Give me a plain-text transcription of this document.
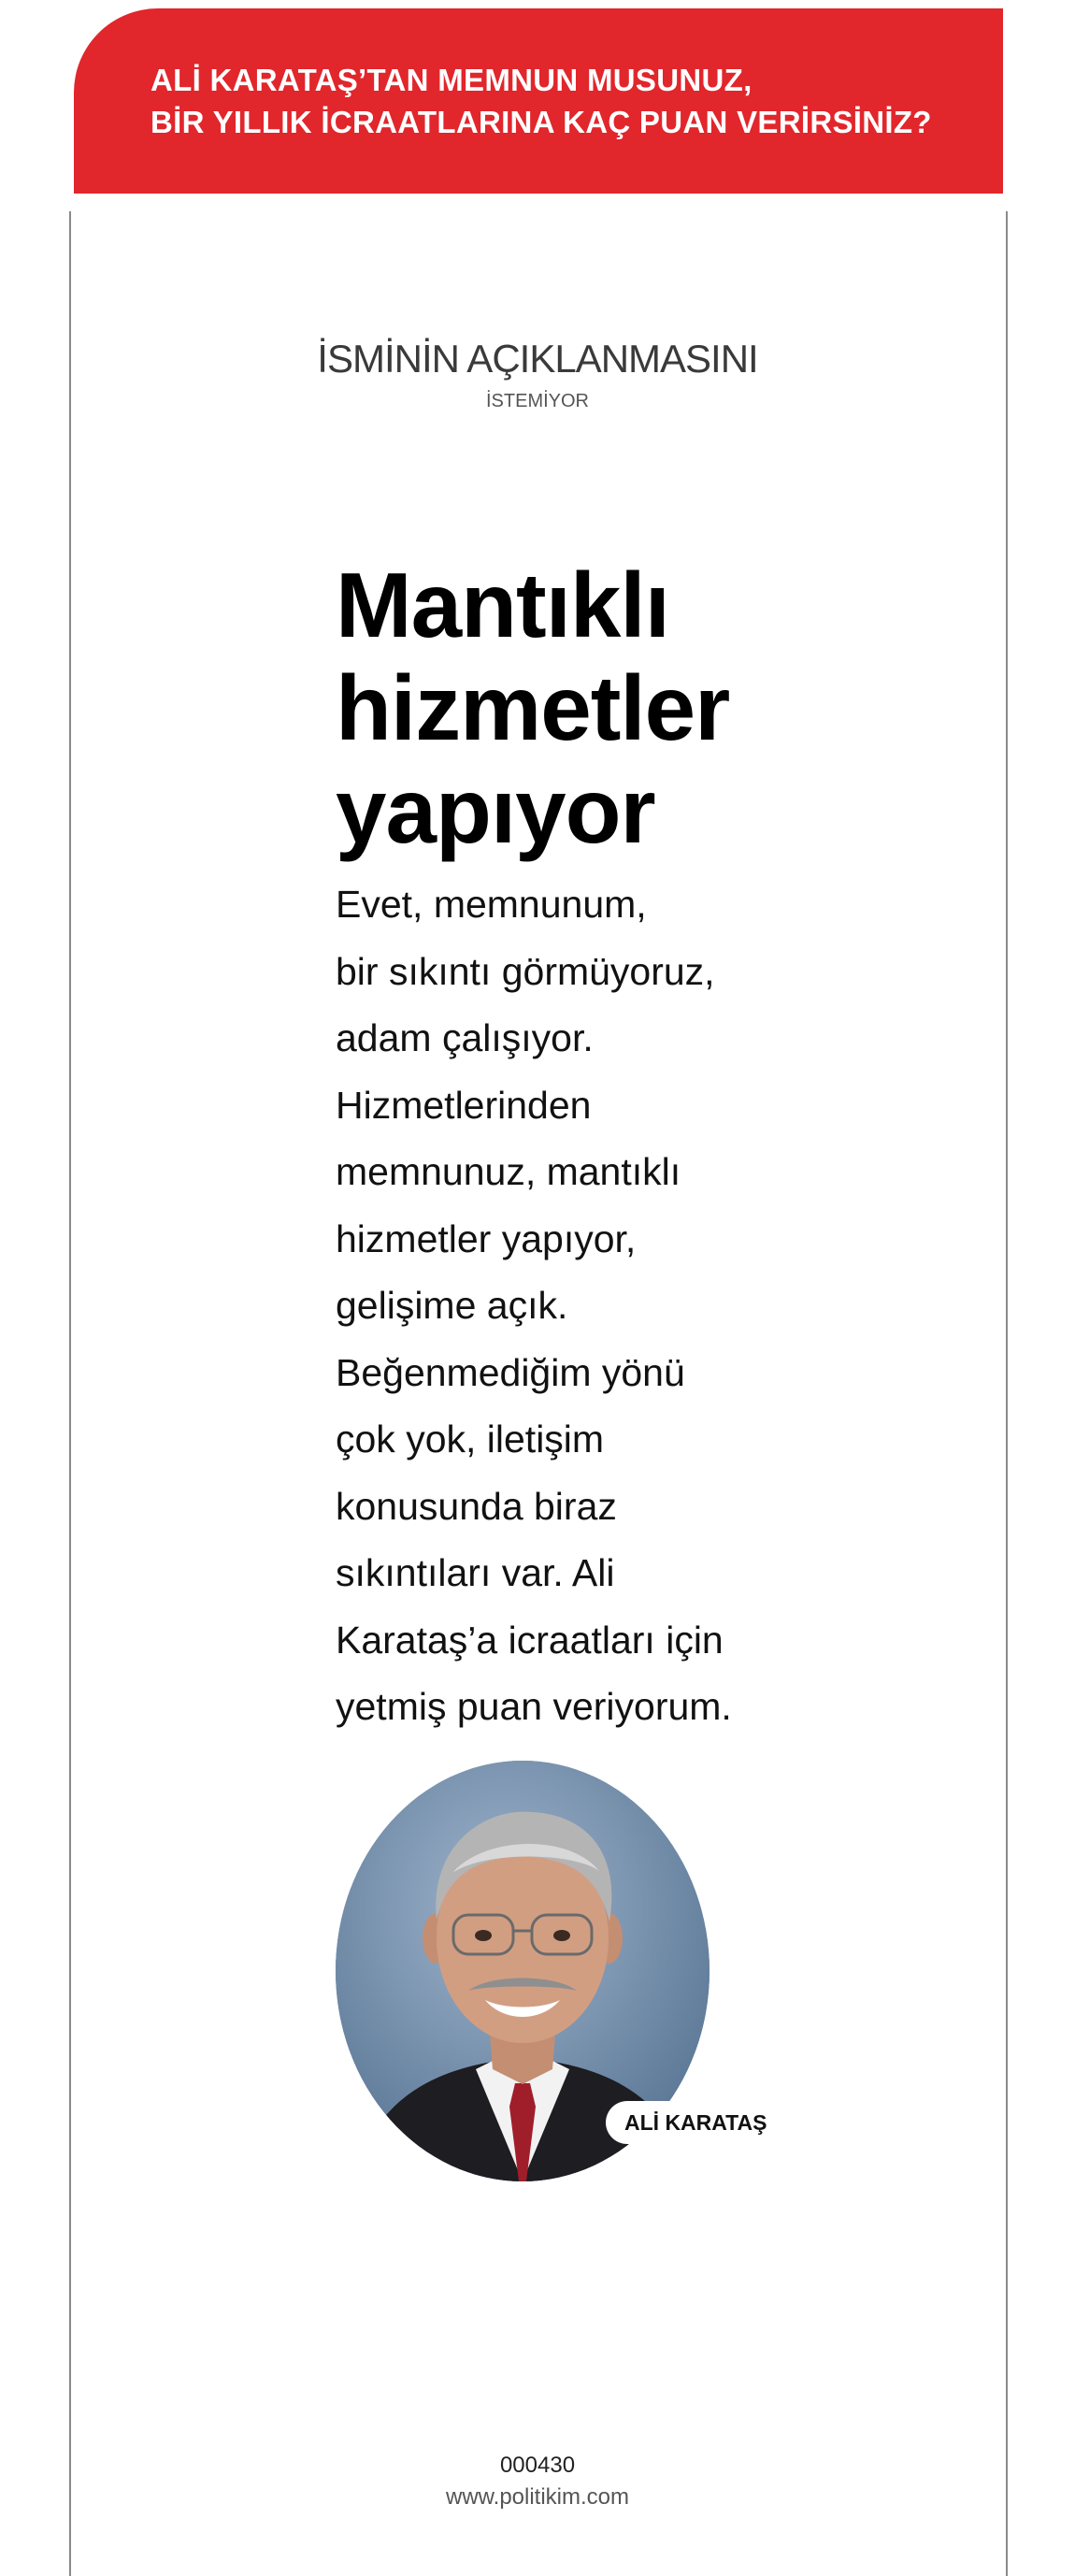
ALİ KARATAŞ’TAN MEMNUN MUSUNUZ,
BİR YILLIK İCRAATLARINA KAÇ PUAN VERİRSİNİZ?
İSMİNİN AÇIKLANMASINI
İSTEMİYOR
Mantıklı
hizmetler
yapıyor
Evet, memnunum,
bir sıkıntı görmüyoruz,
adam çalışıyor.
Hizmetlerinden
memnunuz, mantıklı
hizmetler yapıyor,
gelişime açık.
Beğenmediğim yönü
çok yok, iletişim
konusunda biraz
sıkıntıları var. Ali
Karataş’a icraatları için
yetmiş puan veriyorum.
ALİ KARATAŞ
000430
www.politikim.com
